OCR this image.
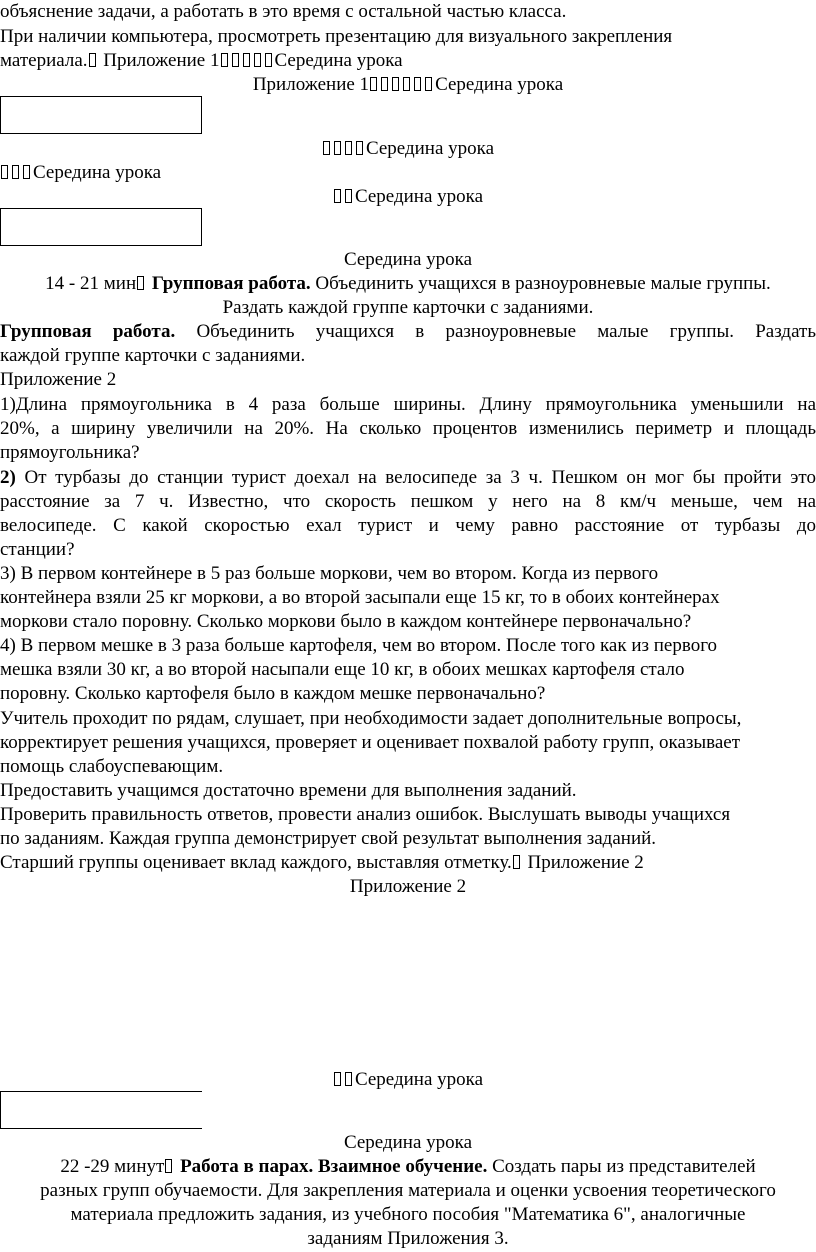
объяснение задачи, а работать в это время с остальной частью класса.
При наличии компьютера, просмотреть презентацию для визуального закрепления
материала. Приложение 1	Середина урока
Приложение 1	Середина урока
Середина урока
Середина урока
Середина урока
Середина урока
14 - 21 мин Групповая работа. Объединить учащихся в разноуровневые малые группы.
Раздать каждой группе карточки с заданиями.
Групповая работа. Объединить учащихся в разноуровневые малые группы. Раздать
каждой группе карточки с заданиями.
Приложение 2
1)Длина прямоугольника в 4 раза больше ширины. Длину прямоугольника уменьшили на
20%, а ширину увеличили на 20%. На сколько процентов изменились периметр и площадь
прямоугольника?
2) От турбазы до станции турист доехал на велосипеде за 3 ч. Пешком он мог бы пройти это
расстояние за 7 ч. Известно, что скорость пешком у него на 8 км/ч меньше, чем на
велосипеде. С какой скоростью ехал турист и чему равно расстояние от турбазы до
станции?
3) В первом контейнере в 5 раз больше моркови, чем во втором. Когда из первого
контейнера взяли 25 кг моркови, а во второй засыпали еще 15 кг, то в обоих контейнерах
моркови стало поровну. Сколько моркови было в каждом контейнере первоначально?
4) В первом мешке в 3 раза больше картофеля, чем во втором. После того как из первого
мешка взяли 30 кг, а во второй насыпали еще 10 кг, в обоих мешках картофеля стало
поровну. Сколько картофеля было в каждом мешке первоначально?
Учитель проходит по рядам, слушает, при необходимости задает дополнительные вопросы,
корректирует решения учащихся, проверяет и оценивает похвалой работу групп, оказывает
помощь слабоуспевающим.
Предоставить учащимся достаточно времени для выполнения заданий.
Проверить правильность ответов, провести анализ ошибок. Выслушать выводы учащихся
по заданиям. Каждая группа демонстрирует свой результат выполнения заданий.
Старший группы оценивает вклад каждого, выставляя отметку. Приложение 2
Приложение 2
Середина урока
Середина урока
22 -29 минут Работа в парах. Взаимное обучение. Создать пары из представителей
разных групп обучаемости. Для закрепления материала и оценки усвоения теоретического
материала предложить задания, из учебного пособия "Математика 6", аналогичные
заданиям Приложения 3.
